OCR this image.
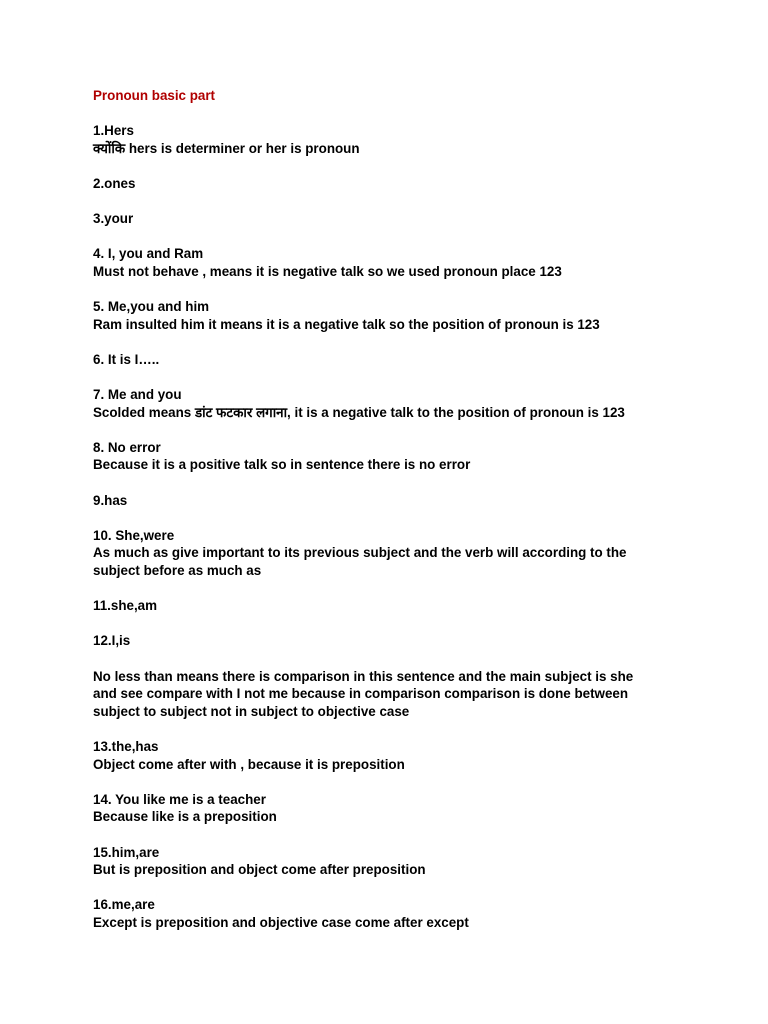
Pronoun basic part

1.Hers

क्योंकि hers is determiner or her is pronoun

2.ones

3.your

4. I, you and Ram

Must not behave , means it is negative talk so we used pronoun place 123

5. Me,you and him

Ram insulted him it means it is a negative talk so the position of pronoun is 123

6. It is I…..

7. Me and you

Scolded means डांट फटकार लगाना, it is a negative talk to the position of pronoun is 123

8. No error

Because it is a positive talk so in sentence there is no error

9.has

10. She,were

As much as give important to its previous subject and the verb will according to the

subject before as much as

11.she,am

12.I,is

No less than means there is comparison in this sentence and the main subject is she

and see compare with I not me because in comparison comparison is done between

subject to subject not in subject to objective case

13.the,has

Object come after with , because it is preposition

14. You like me is a teacher

Because like is a preposition

15.him,are

But is preposition and object come after preposition

16.me,are

Except is preposition and objective case come after except
